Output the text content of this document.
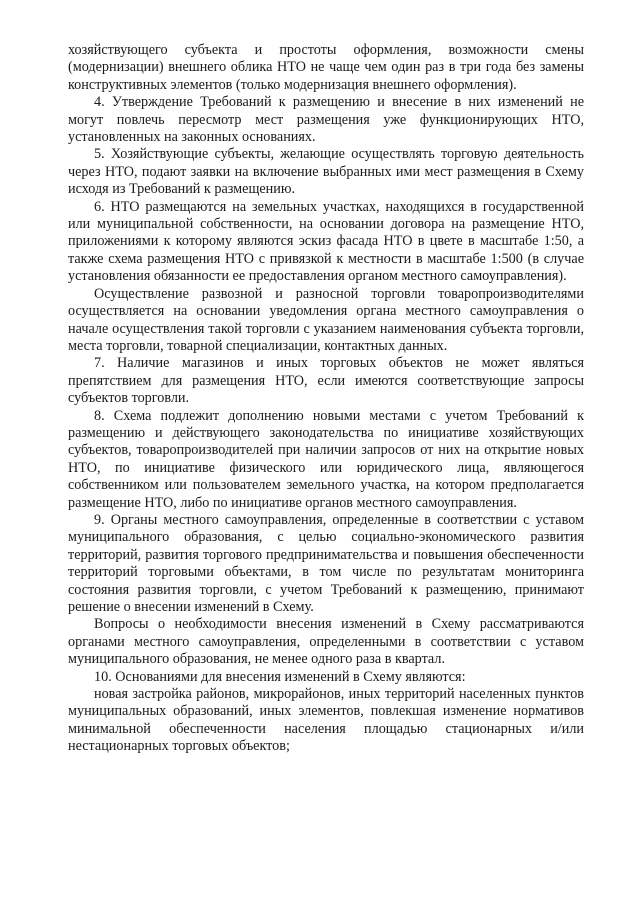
хозяйствующего субъекта и простоты оформления, возможности смены (модернизации) внешнего облика НТО не чаще чем один раз в три года без замены конструктивных элементов (только модернизация внешнего оформления).

4. Утверждение Требований к размещению и внесение в них изменений не могут повлечь пересмотр мест размещения уже функционирующих НТО, установленных на законных основаниях.

5. Хозяйствующие субъекты, желающие осуществлять торговую деятельность через НТО, подают заявки на включение выбранных ими мест размещения в Схему исходя из Требований к размещению.

6. НТО размещаются на земельных участках, находящихся в государственной или муниципальной собственности, на основании договора на размещение НТО, приложениями к которому являются эскиз фасада НТО в цвете в масштабе 1:50, а также схема размещения НТО с привязкой к местности в масштабе 1:500 (в случае установления обязанности ее предоставления органом местного самоуправления).

Осуществление развозной и разносной торговли товаропроизводителями осуществляется на основании уведомления органа местного самоуправления о начале осуществления такой торговли с указанием наименования субъекта торговли, места торговли, товарной специализации, контактных данных.

7. Наличие магазинов и иных торговых объектов не может являться препятствием для размещения НТО, если имеются соответствующие запросы субъектов торговли.

8. Схема подлежит дополнению новыми местами с учетом Требований к размещению и действующего законодательства по инициативе хозяйствующих субъектов, товаропроизводителей при наличии запросов от них на открытие новых НТО, по инициативе физического или юридического лица, являющегося собственником или пользователем земельного участка, на котором предполагается размещение НТО, либо по инициативе органов местного самоуправления.

9. Органы местного самоуправления, определенные в соответствии с уставом муниципального образования, с целью социально-экономического развития территорий, развития торгового предпринимательства и повышения обеспеченности территорий торговыми объектами, в том числе по результатам мониторинга состояния развития торговли, с учетом Требований к размещению, принимают решение о внесении изменений в Схему.

Вопросы о необходимости внесения изменений в Схему рассматриваются органами местного самоуправления, определенными в соответствии с уставом муниципального образования, не менее одного раза в квартал.

10. Основаниями для внесения изменений в Схему являются:

новая застройка районов, микрорайонов, иных территорий населенных пунктов муниципальных образований, иных элементов, повлекшая изменение нормативов минимальной обеспеченности населения площадью стационарных и/или нестационарных торговых объектов;
